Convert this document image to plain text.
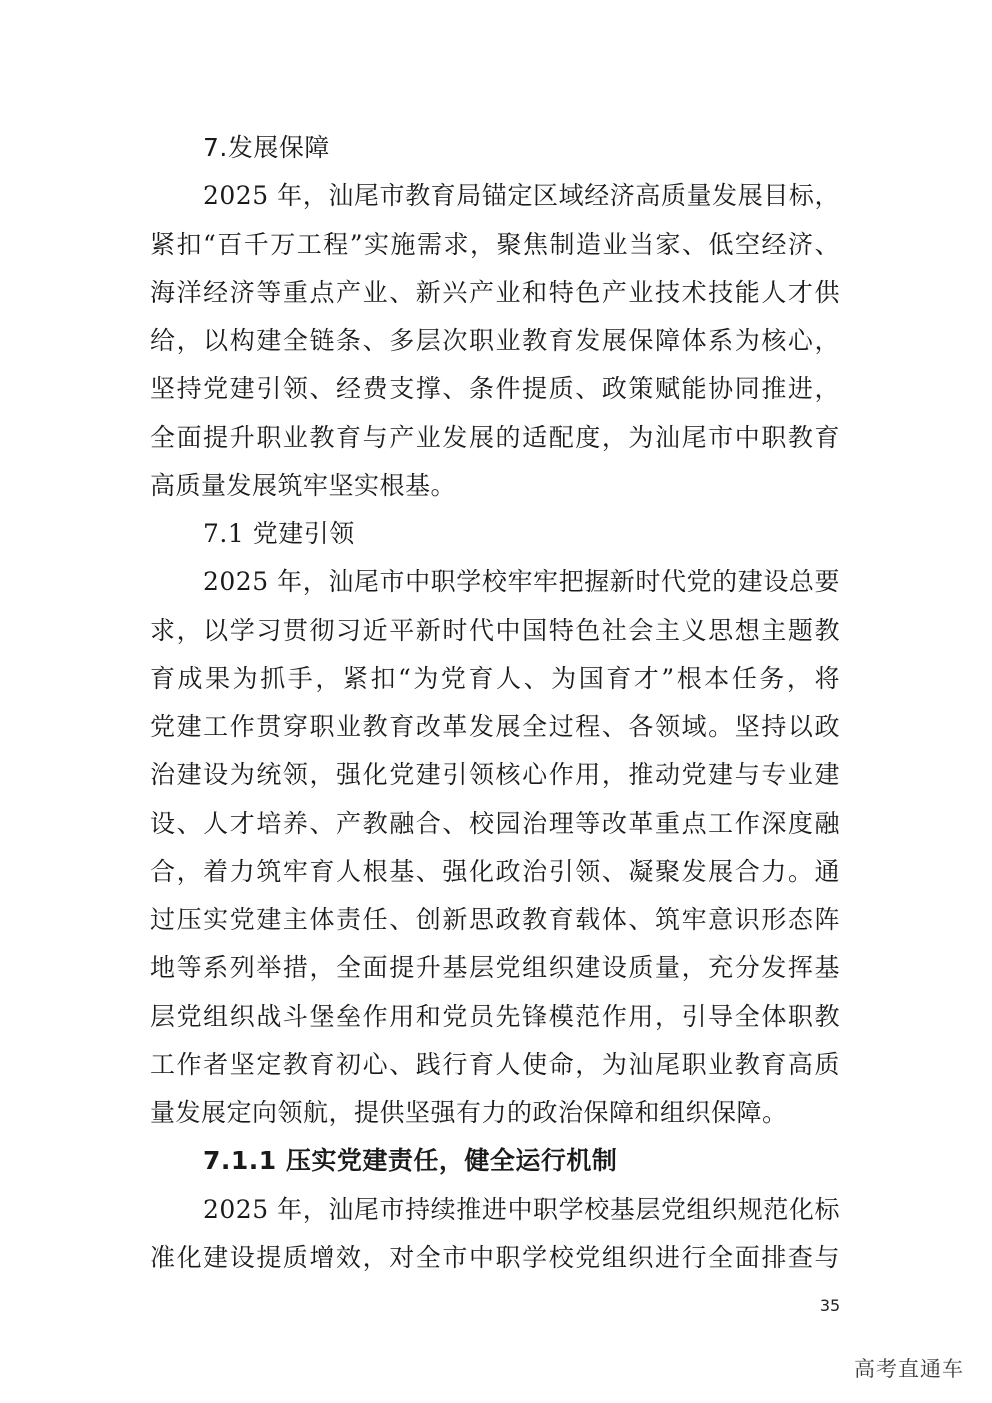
7.发展保障
2025 年，汕尾市教育局锚定区域经济高质量发展目标，
紧扣“百千万工程”实施需求，聚焦制造业当家、低空经济、
海洋经济等重点产业、新兴产业和特色产业技术技能人才供
给，以构建全链条、多层次职业教育发展保障体系为核心，
坚持党建引领、经费支撑、条件提质、政策赋能协同推进，
全面提升职业教育与产业发展的适配度，为汕尾市中职教育
高质量发展筑牢坚实根基。
7.1 党建引领
2025 年，汕尾市中职学校牢牢把握新时代党的建设总要
求，以学习贯彻习近平新时代中国特色社会主义思想主题教
育成果为抓手，紧扣“为党育人、为国育才”根本任务，将
党建工作贯穿职业教育改革发展全过程、各领域。坚持以政
治建设为统领，强化党建引领核心作用，推动党建与专业建
设、人才培养、产教融合、校园治理等改革重点工作深度融
合，着力筑牢育人根基、强化政治引领、凝聚发展合力。通
过压实党建主体责任、创新思政教育载体、筑牢意识形态阵
地等系列举措，全面提升基层党组织建设质量，充分发挥基
层党组织战斗堡垒作用和党员先锋模范作用，引导全体职教
工作者坚定教育初心、践行育人使命，为汕尾职业教育高质
量发展定向领航，提供坚强有力的政治保障和组织保障。
7.1.1 压实党建责任，健全运行机制
2025 年，汕尾市持续推进中职学校基层党组织规范化标
准化建设提质增效，对全市中职学校党组织进行全面排查与
35
高考直通车
